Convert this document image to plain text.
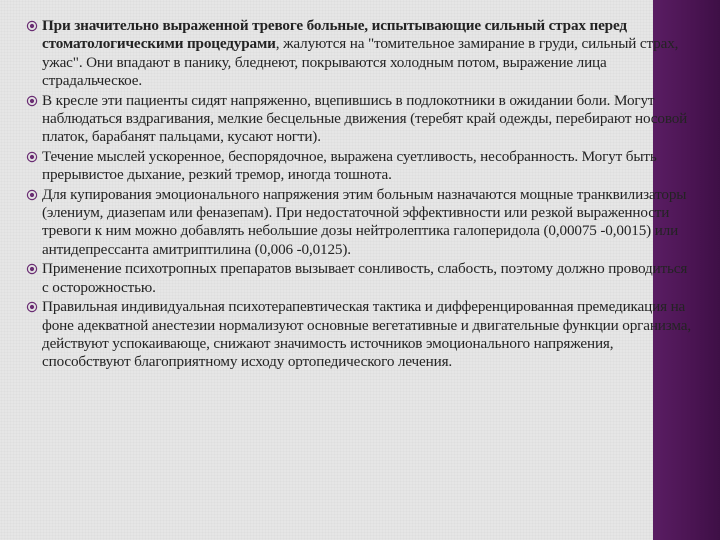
При значительно выраженной тревоге больные, испытывающие сильный страх перед стоматологическими процедурами, жалуются на "томительное замирание в груди, сильный страх, ужас". Они впадают в панику, бледнеют, покрываются холодным потом, выражение лица страдальческое.
В кресле эти пациенты сидят напряженно, вцепившись в подлокотники в ожидании боли. Могут наблюдаться вздрагивания, мелкие бесцельные движения (теребят край одежды, перебирают носовой платок, барабанят пальцами, кусают ногти).
Течение мыслей ускоренное, беспорядочное, выражена суетливость, несобранность. Могут быть прерывистое дыхание, резкий тремор, иногда тошнота.
Для купирования эмоционального напряжения этим больным назначаются мощные транквилизаторы (элениум, диазепам или феназепам). При недостаточной эффективности или резкой выраженности тревоги к ним можно добавлять небольшие дозы нейтролептика галоперидола (0,00075 -0,0015) или антидепрессанта амитриптилина (0,006 -0,0125).
Применение психотропных препаратов вызывает сонливость, слабость, поэтому должно проводиться с осторожностью.
Правильная индивидуальная психотерапевтическая тактика и дифференцированная премедикация на фоне адекватной анестезии нормализуют основные вегетативные и двигательные функции организма, действуют успокаивающе, снижают значимость источников эмоционального напряжения, способствуют благоприятному исходу ортопедического лечения.
